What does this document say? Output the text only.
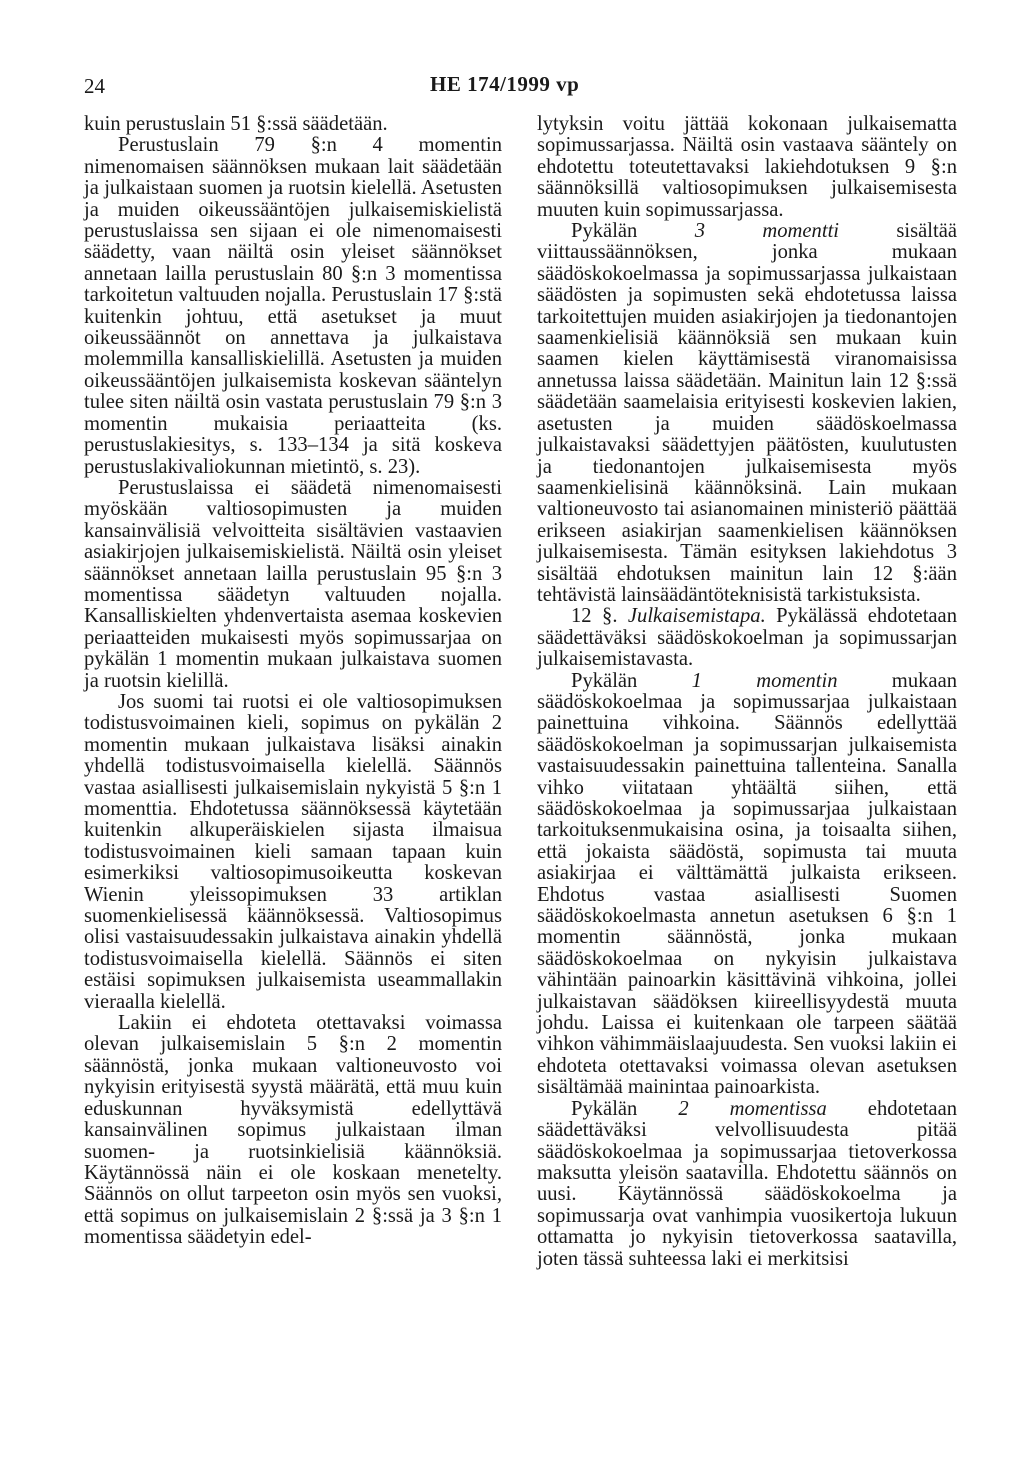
24	HE 174/1999 vp

kuin perustuslain 51 §:ssä säädetään.

Perustuslain 79 §:n 4 momentin nimenomaisen säännöksen mukaan lait säädetään ja julkaistaan suomen ja ruotsin kielellä. Asetusten ja muiden oikeussääntöjen julkaisemiskielistä perustuslaissa sen sijaan ei ole nimenomaisesti säädetty, vaan näiltä osin yleiset säännökset annetaan lailla perustuslain 80 §:n 3 momentissa tarkoitetun valtuuden nojalla. Perustuslain 17 §:stä kuitenkin johtuu, että asetukset ja muut oikeussäännöt on annettava ja julkaistava molemmilla kansalliskielillä. Asetusten ja muiden oikeussääntöjen julkaisemista koskevan sääntelyn tulee siten näiltä osin vastata perustuslain 79 §:n 3 momentin mukaisia periaatteita (ks. perustuslakiesitys, s. 133–134 ja sitä koskeva perustuslakivaliokunnan mietintö, s. 23).

Perustuslaissa ei säädetä nimenomaisesti myöskään valtiosopimusten ja muiden kansainvälisiä velvoitteita sisältävien vastaavien asiakirjojen julkaisemiskielistä. Näiltä osin yleiset säännökset annetaan lailla perustuslain 95 §:n 3 momentissa säädetyn valtuuden nojalla. Kansalliskielten yhdenvertaista asemaa koskevien periaatteiden mukaisesti myös sopimussarjaa on pykälän 1 momentin mukaan julkaistava suomen ja ruotsin kielillä.

Jos suomi tai ruotsi ei ole valtiosopimuksen todistusvoimainen kieli, sopimus on pykälän 2 momentin mukaan julkaistava lisäksi ainakin yhdellä todistusvoimaisella kielellä. Säännös vastaa asiallisesti julkaisemislain nykyistä 5 §:n 1 momenttia. Ehdotetussa säännöksessä käytetään kuitenkin alkuperäiskielen sijasta ilmaisua todistusvoimainen kieli samaan tapaan kuin esimerkiksi valtiosopimusoikeutta koskevan Wienin yleissopimuksen 33 artiklan suomenkielisessä käännöksessä. Valtiosopimus olisi vastaisuudessakin julkaistava ainakin yhdellä todistusvoimaisella kielellä. Säännös ei siten estäisi sopimuksen julkaisemista useammallakin vieraalla kielellä.

Lakiin ei ehdoteta otettavaksi voimassa olevan julkaisemislain 5 §:n 2 momentin säännöstä, jonka mukaan valtioneuvosto voi nykyisin erityisestä syystä määrätä, että muu kuin eduskunnan hyväksymistä edellyttävä kansainvälinen sopimus julkaistaan ilman suomen- ja ruotsinkielisiä käännöksiä. Käytännössä näin ei ole koskaan menetelty. Säännös on ollut tarpeeton osin myös sen vuoksi, että sopimus on julkaisemislain 2 §:ssä ja 3 §:n 1 momentissa säädetyin edel-

lytyksin voitu jättää kokonaan julkaisematta sopimussarjassa. Näiltä osin vastaava sääntely on ehdotettu toteutettavaksi lakiehdotuksen 9 §:n säännöksillä valtiosopimuksen julkaisemisesta muuten kuin sopimussarjassa.

Pykälän 3 momentti sisältää viittaussäännöksen, jonka mukaan säädöskokoelmassa ja sopimussarjassa julkaistaan säädösten ja sopimusten sekä ehdotetussa laissa tarkoitettujen muiden asiakirjojen ja tiedonantojen saamenkielisiä käännöksiä sen mukaan kuin saamen kielen käyttämisestä viranomaisissa annetussa laissa säädetään. Mainitun lain 12 §:ssä säädetään saamelaisia erityisesti koskevien lakien, asetusten ja muiden säädöskoelmassa julkaistavaksi säädettyjen päätösten, kuulutusten ja tiedonantojen julkaisemisesta myös saamenkielisinä käännöksinä. Lain mukaan valtioneuvosto tai asianomainen ministeriö päättää erikseen asiakirjan saamenkielisen käännöksen julkaisemisesta. Tämän esityksen lakiehdotus 3 sisältää ehdotuksen mainitun lain 12 §:ään tehtävistä lainsäädäntöteknisistä tarkistuksista.

12 §. Julkaisemistapa. Pykälässä ehdotetaan säädettäväksi säädöskokoelman ja sopimussarjan julkaisemistavasta.

Pykälän 1 momentin mukaan säädöskokoelmaa ja sopimussarjaa julkaistaan painettuina vihkoina. Säännös edellyttää säädöskokoelman ja sopimussarjan julkaisemista vastaisuudessakin painettuina tallenteina. Sanalla vihko viitataan yhtäältä siihen, että säädöskokoelmaa ja sopimussarjaa julkaistaan tarkoituksenmukaisina osina, ja toisaalta siihen, että jokaista säädöstä, sopimusta tai muuta asiakirjaa ei välttämättä julkaista erikseen. Ehdotus vastaa asiallisesti Suomen säädöskokoelmasta annetun asetuksen 6 §:n 1 momentin säännöstä, jonka mukaan säädöskokoelmaa on nykyisin julkaistava vähintään painoarkin käsittävinä vihkoina, jollei julkaistavan säädöksen kiireellisyydestä muuta johdu. Laissa ei kuitenkaan ole tarpeen säätää vihkon vähimmäislaajuudesta. Sen vuoksi lakiin ei ehdoteta otettavaksi voimassa olevan asetuksen sisältämää mainintaa painoarkista.

Pykälän 2 momentissa ehdotetaan säädettäväksi velvollisuudesta pitää säädöskokoelmaa ja sopimussarjaa tietoverkossa maksutta yleisön saatavilla. Ehdotettu säännös on uusi. Käytännössä säädöskokoelma ja sopimussarja ovat vanhimpia vuosikertoja lukuun ottamatta jo nykyisin tietoverkossa saatavilla, joten tässä suhteessa laki ei merkitsisi
